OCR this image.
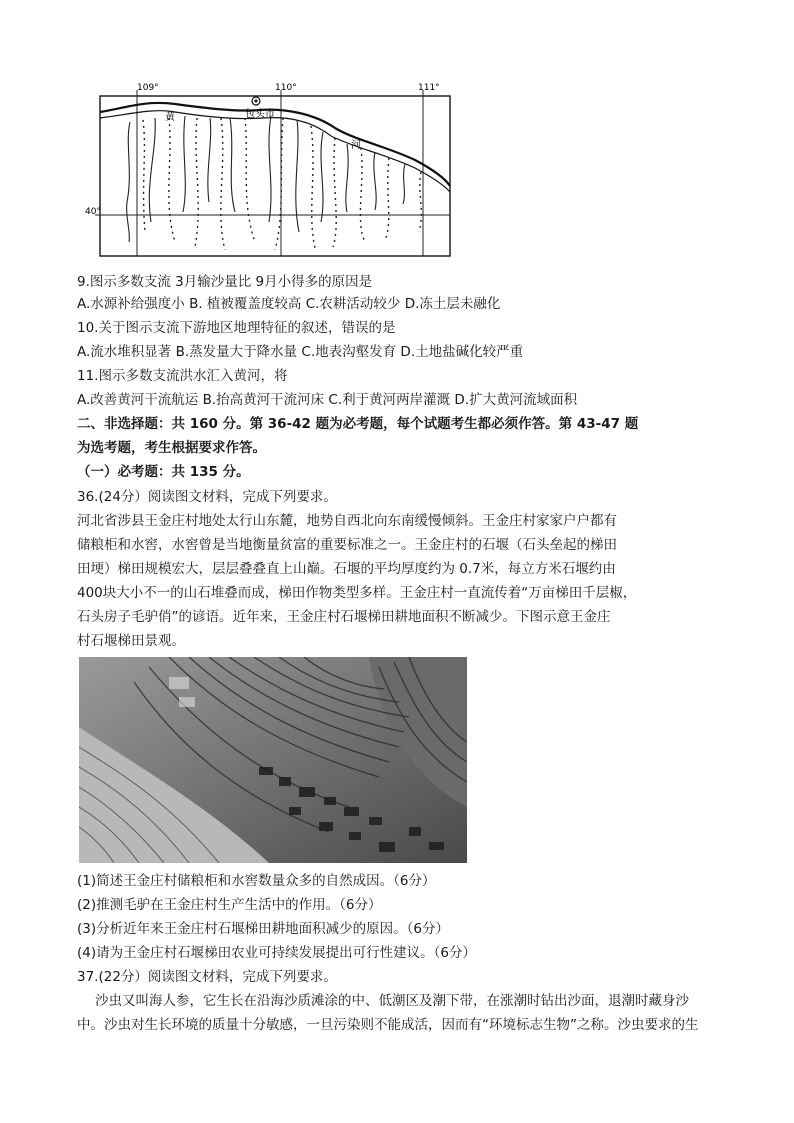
包头市
109°	110°	111°
40°
黄
河
9.图示多数支流 3月输沙量比 9月小得多的原因是
A.水源补给强度小 B. 植被覆盖度较高 C.农耕活动较少 D.冻土层未融化
10.关于图示支流下游地区地理特征的叙述，错误的是
A.流水堆积显著 B.蒸发量大于降水量 C.地表沟壑发育 D.土地盐碱化较严重
11.图示多数支流洪水汇入黄河，将
A.改善黄河干流航运 B.抬高黄河干流河床 C.利于黄河两岸灌溉 D.扩大黄河流域面积
二、非选择题：共 160 分。第 36-42 题为必考题，每个试题考生都必须作答。第 43-47 题
为选考题，考生根据要求作答。
（一）必考题：共 135 分。
36.(24分）阅读图文材料，完成下列要求。
河北省涉县王金庄村地处太行山东麓，地势自西北向东南缓慢倾斜。王金庄村家家户户都有
储粮柜和水窖，水窖曾是当地衡量贫富的重要标准之一。王金庄村的石堰（石头垒起的梯田
田埂）梯田规模宏大，层层叠叠直上山巅。石堰的平均厚度约为 0.7米，每立方米石堰约由
400块大小不一的山石堆叠而成，梯田作物类型多样。王金庄村一直流传着“万亩梯田千层椒，
石头房子毛驴俏”的谚语。近年来，王金庄村石堰梯田耕地面积不断减少。下图示意王金庄
村石堰梯田景观。
(1)简述王金庄村储粮柜和水窖数量众多的自然成因。（6分）
(2)推测毛驴在王金庄村生产生活中的作用。（6分）
(3)分析近年来王金庄村石堰梯田耕地面积减少的原因。（6分）
(4)请为王金庄村石堰梯田农业可持续发展提出可行性建议。（6分）
37.(22分）阅读图文材料，完成下列要求。
沙虫又叫海人参，它生长在沿海沙质滩涂的中、低潮区及潮下带，在涨潮时钻出沙面，退潮时藏身沙
中。沙虫对生长环境的质量十分敏感，一旦污染则不能成活，因而有“环境标志生物”之称。沙虫要求的生
